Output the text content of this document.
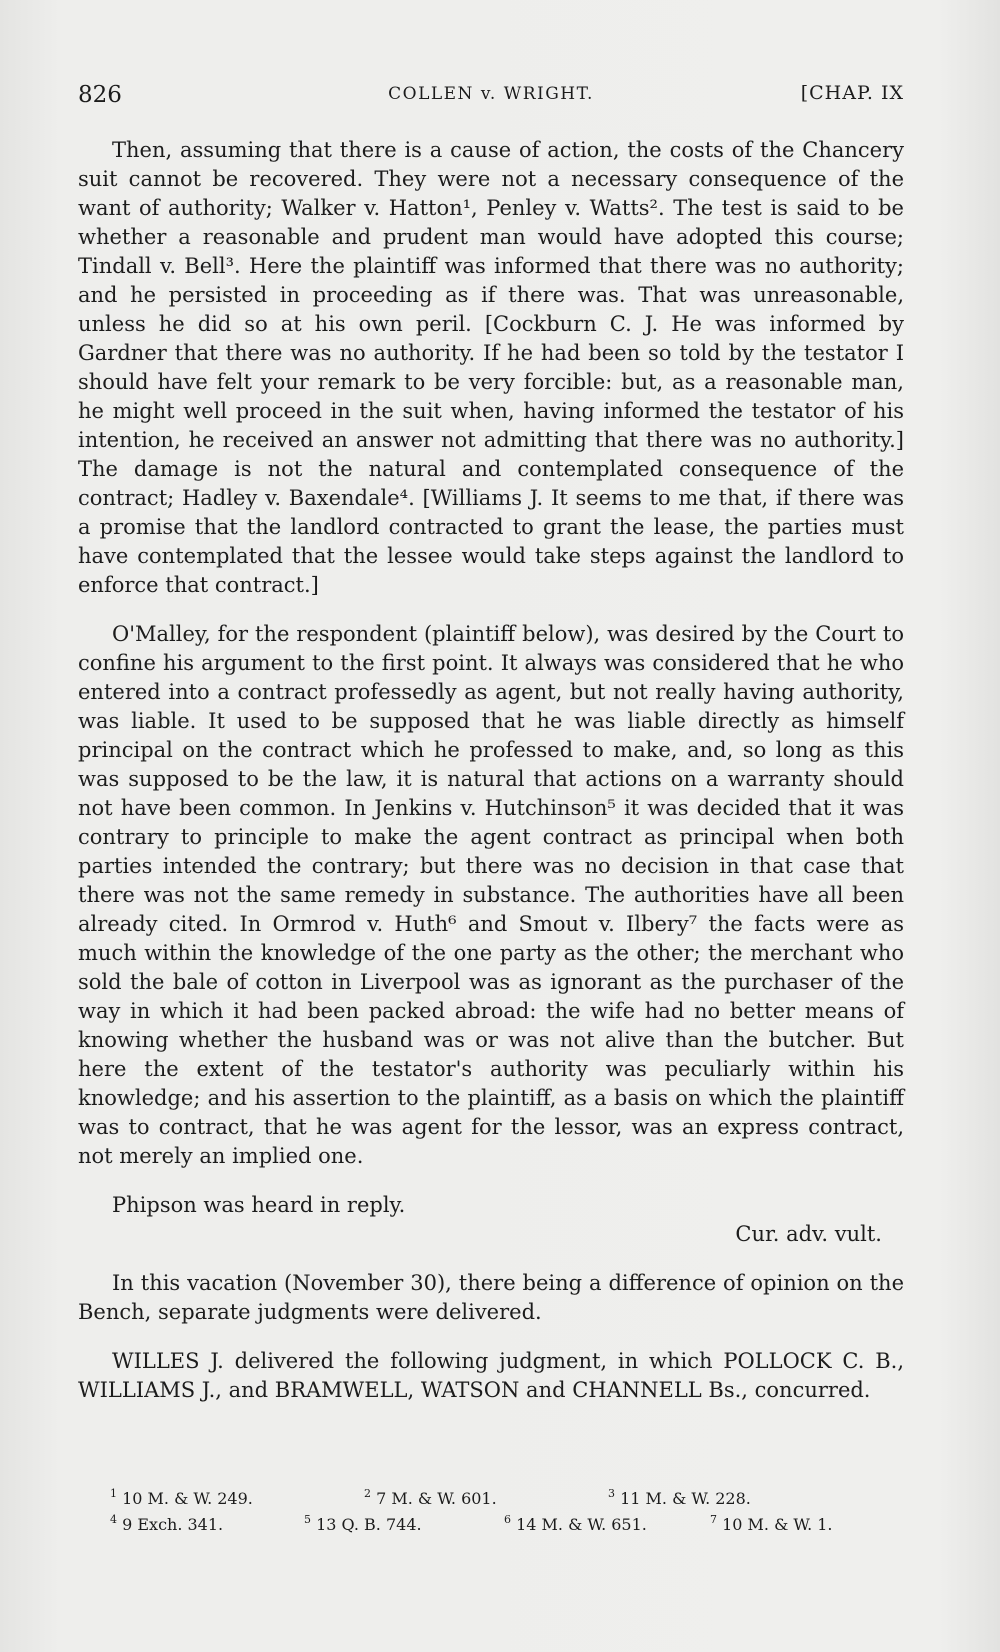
826	COLLEN v. WRIGHT.	[CHAP. IX

Then, assuming that there is a cause of action, the costs of the Chancery suit cannot be recovered. They were not a necessary consequence of the want of authority; Walker v. Hatton¹, Penley v. Watts². The test is said to be whether a reasonable and prudent man would have adopted this course; Tindall v. Bell³. Here the plaintiff was informed that there was no authority; and he persisted in proceeding as if there was. That was unreasonable, unless he did so at his own peril. [Cockburn C. J. He was informed by Gardner that there was no authority. If he had been so told by the testator I should have felt your remark to be very forcible: but, as a reasonable man, he might well proceed in the suit when, having informed the testator of his intention, he received an answer not admitting that there was no authority.] The damage is not the natural and contemplated consequence of the contract; Hadley v. Baxendale⁴. [Williams J. It seems to me that, if there was a promise that the landlord contracted to grant the lease, the parties must have contemplated that the lessee would take steps against the landlord to enforce that contract.]

O'Malley, for the respondent (plaintiff below), was desired by the Court to confine his argument to the first point. It always was considered that he who entered into a contract professedly as agent, but not really having authority, was liable. It used to be supposed that he was liable directly as himself principal on the contract which he professed to make, and, so long as this was supposed to be the law, it is natural that actions on a warranty should not have been common. In Jenkins v. Hutchinson⁵ it was decided that it was contrary to principle to make the agent contract as principal when both parties intended the contrary; but there was no decision in that case that there was not the same remedy in substance. The authorities have all been already cited. In Ormrod v. Huth⁶ and Smout v. Ilbery⁷ the facts were as much within the knowledge of the one party as the other; the merchant who sold the bale of cotton in Liverpool was as ignorant as the purchaser of the way in which it had been packed abroad: the wife had no better means of knowing whether the husband was or was not alive than the butcher. But here the extent of the testator's authority was peculiarly within his knowledge; and his assertion to the plaintiff, as a basis on which the plaintiff was to contract, that he was agent for the lessor, was an express contract, not merely an implied one.

Phipson was heard in reply.

Cur. adv. vult.

In this vacation (November 30), there being a difference of opinion on the Bench, separate judgments were delivered.

WILLES J. delivered the following judgment, in which POLLOCK C. B., WILLIAMS J., and BRAMWELL, WATSON and CHANNELL Bs., concurred.

$^1$ 10 M. & W. 249.	$^2$ 7 M. & W. 601.	$^3$ 11 M. & W. 228.
$^4$ 9 Exch. 341.	$^5$ 13 Q. B. 744.	$^6$ 14 M. & W. 651.	$^7$ 10 M. & W. 1.
